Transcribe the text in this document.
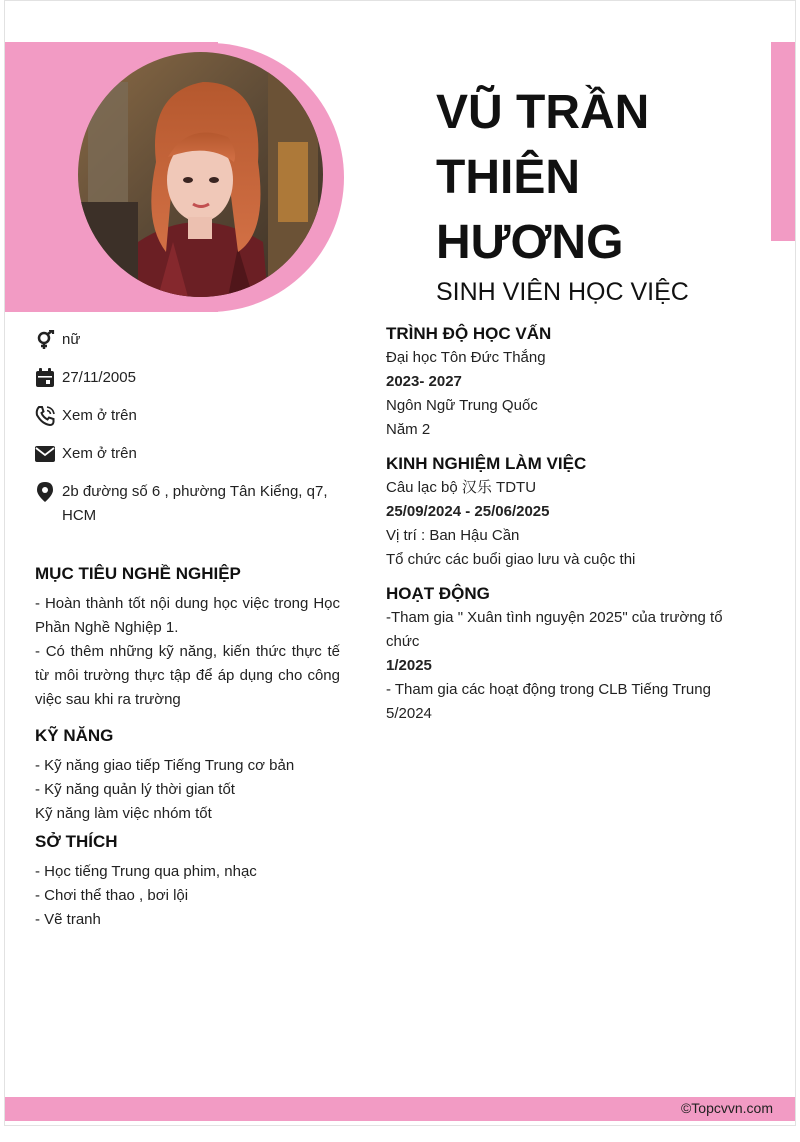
VŨ TRẦN THIÊN HƯƠNG
SINH VIÊN HỌC VIỆC
nữ
27/11/2005
Xem ở trên
Xem ở trên
2b đường số 6 , phường Tân Kiểng, q7, HCM
MỤC TIÊU NGHỀ NGHIỆP
- Hoàn thành tốt nội dung học việc trong Học Phần Nghề Nghiệp 1.
- Có thêm những kỹ năng, kiến thức thực tế từ môi trường thực tập để áp dụng cho công việc sau khi ra trường
KỸ NĂNG
- Kỹ năng giao tiếp Tiếng Trung cơ bản
- Kỹ năng quản lý thời gian tốt
Kỹ năng làm việc nhóm tốt
SỞ THÍCH
- Học tiếng Trung qua phim, nhạc
- Chơi thể thao , bơi lội
- Vẽ tranh
TRÌNH ĐỘ HỌC VẤN
Đại học Tôn Đức Thắng
2023- 2027
Ngôn Ngữ Trung Quốc
Năm 2
KINH NGHIỆM LÀM VIỆC
Câu lạc bộ 汉乐 TDTU
25/09/2024 - 25/06/2025
Vị trí : Ban Hậu Cần
Tổ chức các buổi giao lưu và cuộc thi
HOẠT ĐỘNG
-Tham gia " Xuân tình nguyện 2025" của trường tổ chức
1/2025
- Tham gia các hoạt động trong CLB Tiếng Trung
5/2024
©Topcvvn.com
